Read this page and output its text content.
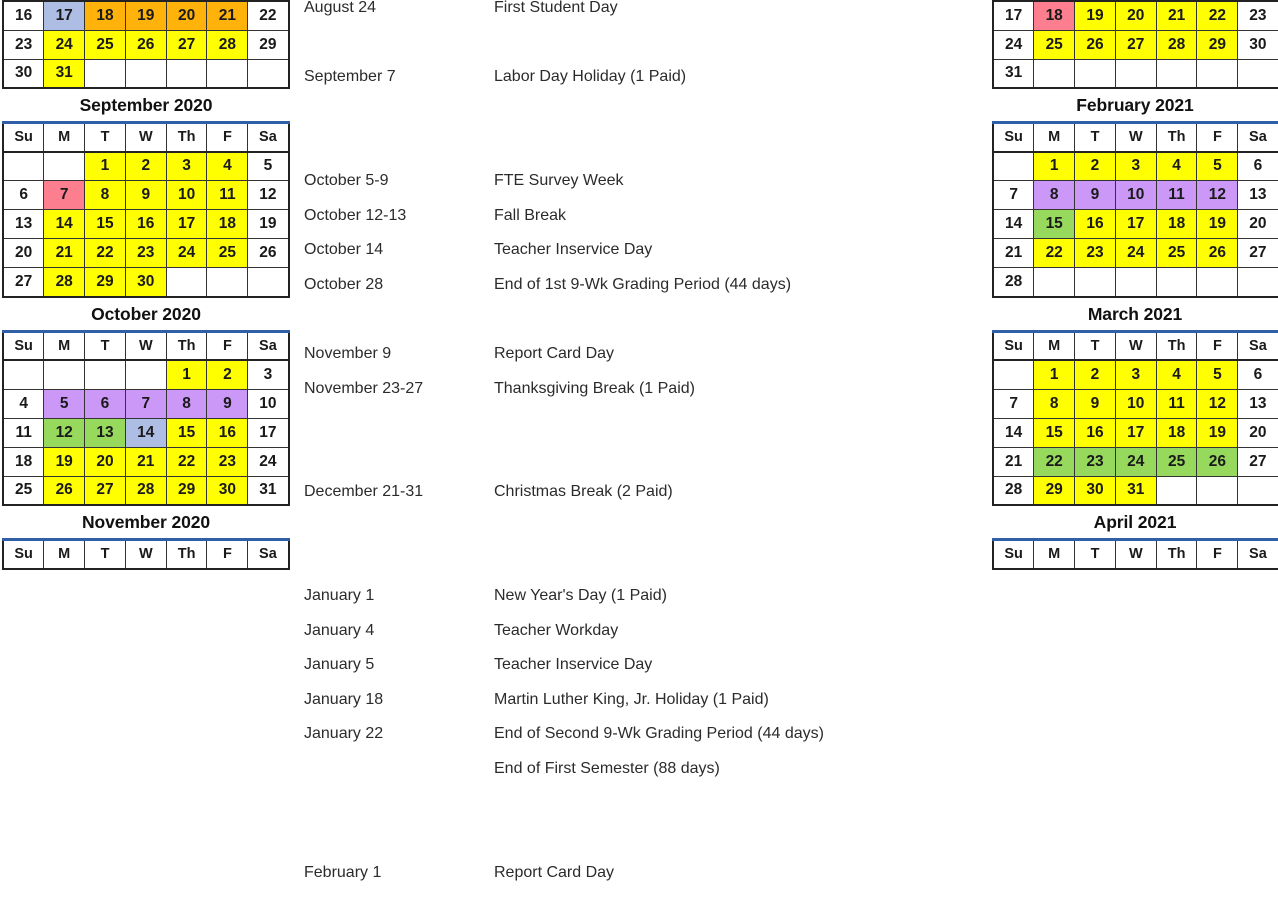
16	17	18	19	20	21	22
23	24	25	26	27	28	29
30	31					
September 2020
Su	M	T	W	Th	F	Sa
		1	2	3	4	5
6	7	8	9	10	11	12
13	14	15	16	17	18	19
20	21	22	23	24	25	26
27	28	29	30			
October 2020
Su	M	T	W	Th	F	Sa
				1	2	3
4	5	6	7	8	9	10
11	12	13	14	15	16	17
18	19	20	21	22	23	24
25	26	27	28	29	30	31
November 2020
Su	M	T	W	Th	F	Sa
August 24	First Student Day
September 7	Labor Day Holiday (1 Paid)
October 5-9	FTE Survey Week
October 12-13	Fall Break
October 14	Teacher Inservice Day
October 28	End of 1st 9-Wk Grading Period (44 days)
November 9	Report Card Day
November 23-27	Thanksgiving Break (1 Paid)
December 21-31	Christmas Break (2 Paid)
January 1	New Year's Day (1 Paid)
January 4	Teacher Workday
January 5	Teacher Inservice Day
January 18	Martin Luther King, Jr. Holiday (1 Paid)
January 22	End of Second 9-Wk Grading Period (44 days)
End of First Semester (88 days)
February 1	Report Card Day
17	18	19	20	21	22	23
24	25	26	27	28	29	30
31						
February 2021
Su	M	T	W	Th	F	Sa
	1	2	3	4	5	6
7	8	9	10	11	12	13
14	15	16	17	18	19	20
21	22	23	24	25	26	27
28						
March 2021
Su	M	T	W	Th	F	Sa
	1	2	3	4	5	6
7	8	9	10	11	12	13
14	15	16	17	18	19	20
21	22	23	24	25	26	27
28	29	30	31			
April 2021
Su	M	T	W	Th	F	Sa
